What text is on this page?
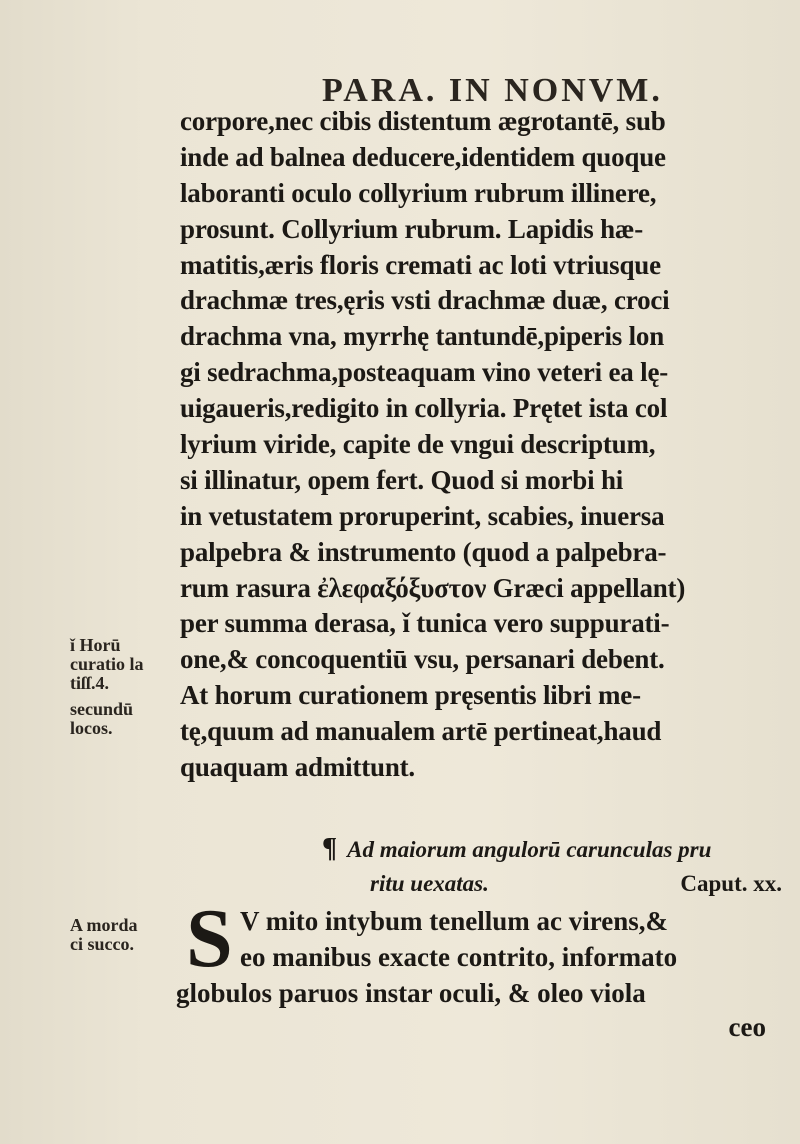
PARA. IN NONVM.
corpore,nec cibis distentum ægrotantē, sub
inde ad balnea deducere,identidem quoque
laboranti oculo collyrium rubrum illinere,
prosunt. Collyrium rubrum. Lapidis hæ-
matitis,æris floris cremati ac loti vtriusque
drachmæ tres,ęris vsti drachmæ duæ, croci
drachma vna, myrrhę tantundē,piperis lon
gi sedrachma,posteaquam vino veteri ea lę-
uigaueris,redigito in collyria. Prętet ista col
lyrium viride, capite de vngui descriptum,
si illinatur, opem fert. Quod si morbi hi
in vetustatem proruperint, scabies, inuersa
palpebra & instrumento (quod a palpebra-
rum rasura ἐλεφαξόξυστον Græci appellant)
per summa derasa, ǐ tunica vero suppurati-
one,& concoquentiū vsu, persanari debent.
At horum curationem pręsentis libri me-
tę,quum ad manualem artē pertineat,haud
quaquam admittunt.
ǐ Horū
curatio la
tiſſ.4.
secundū
locos.
A morda
ci succo.
¶ Ad maiorum angulorū carunculas pru
ritu uexatas.	Caput. xx.
S V mito intybum tenellum ac virens,&
eo manibus exacte contrito, informato
globulos paruos instar oculi, & oleo viola
ceo
